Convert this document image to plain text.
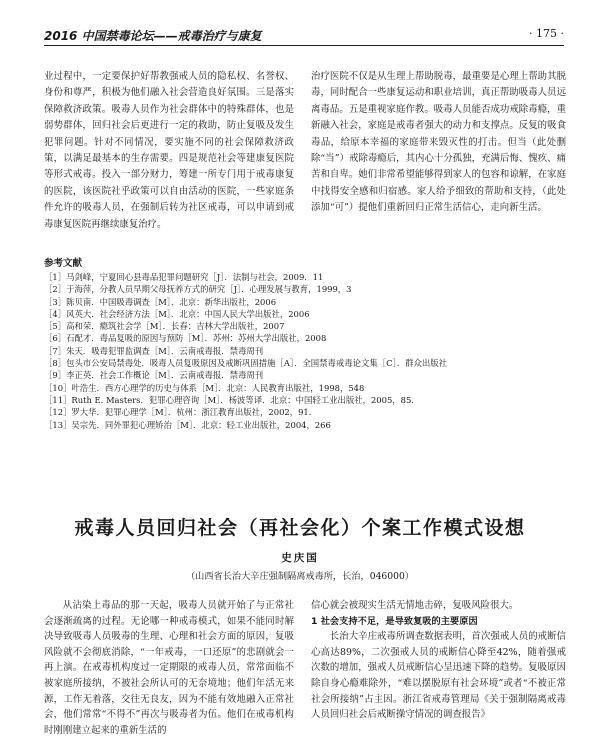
2016 中国禁毒论坛——戒毒治疗与康复	· 175 ·

业过程中，一定要保护好帮教强戒人员的隐私权、名誉权、身份和尊严，积极为他们融入社会营造良好氛围。三是落实保障救济政策。吸毒人员作为社会群体中的特殊群体，也是弱势群体，回归社会后更进行一定的救助，防止复吸及发生犯罪问题。针对不同情况，要实施不同的社会保障救济政策，以满足最基本的生存需要。四是规范社会等建康复医院等形式戒毒。投入一部分财力，筹建一所专门用于戒毒康复的医院，该医院社乎政策可以自由活动的医院，一些家庭条件允许的吸毒人员，在强制后转为社区戒毒，可以申请到戒毒康复医院再继续康复治疗。

治疗医院不仅是从生理上帮助脱毒，最重要是心理上帮助其脱毒，同时配合一些康复运动和职业培训，真正帮助吸毒人员远离毒品。五是重视家庭作教。吸毒人员能否成功戒除毒瘾，重新融入社会，家庭是戒毒者强大的动力和支撑点。反复的吸食毒品，给原本幸福的家庭带来毁灭性的打击。但当（此处删除“当”）戒除毒瘾后，其内心十分孤独，充满后悔、愧疚、痛苦和自卑。她们非常希望能够得到家人的包容和谅解，在家庭中找得安全感和归宿感。家人给予细致的帮助和支持，（此处添加“可”）提他们重新回归正常生活信心，走向新生活。

参考文献
［1］马剑峰，宁夏回心县毒品犯罪问题研究［J］．法制与社会，2009．11
［2］于海萍，分教人员早期父母抚养方式的研究［J］．心理发展与教育，1999，3
［3］陈贝南．中国吸毒调查［M］．北京：新华出版社，2006
［4］风英大．社会经济方法［M］．北京：中国人民大学出版社，2006
［5］高和荣．瘾筑社会学［M］．长春：吉林大学出版社，2007
［6］石配才．毒品复吸的原因与预防［M］．苏州：苏州大学出版社，2008
［7］朱天．吸毒犯罪监调查［M］．云南戒毒报．禁毒周刊
［8］包头市公安局禁毒处．吸毒人员复吸原因及戒断巩固措施［A］．全国禁毒戒毒论文集［C］．群众出版社
［9］李正英．社会工作概论［M］．云南戒毒报．禁毒周刊
［10］叶浩生．西方心理学的历史与体系［M］．北京：人民教育出版社，1998，548
［11］Ruth E. Masters．犯罪心理咨询［M］．杨波等译．北京：中国轻工业出版社，2005，85．
［12］罗大华．犯罪心理学［M］．杭州：浙江教育出版社，2002，91．
［13］吴宗先．同外罪犯心理矫治［M］．北京：轻工业出版社，2004，266
戒毒人员回归社会（再社会化）个案工作模式设想
史庆国
（山西省长治大辛庄强制隔离戒毒所，长治，046000）

从沾染上毒品的那一天起，吸毒人员就开始了与正常社会逐渐疏离的过程。无论哪一种戒毒模式，如果不能同时解决导致吸毒人员吸毒的生理、心理和社会方面的原因，复吸风险就不会彻底消除，“一年戒毒，一口还原”的悲剧就会一再上演。在戒毒机构度过一定期限的戒毒人员，常常面临不被家庭所接纳，不被社会所认可的无奈境地；他们年活无来源，工作无着落，交往无良友，因为不能有效地融入正常社会，他们常常“不得不”再次与吸毒者为伍。他们在戒毒机构时刚刚建立起来的重新生活的

信心就会被现实生活无情地击碎，复吸风险很大。

1 社会支持不足，是导致复吸的主要原因

长治大辛庄戒毒所调查数据表明，首次强戒人员的戒断信心高达89%，二次强戒人员的戒断信心降至42%，随着强戒次数的增加，强戒人员戒断信心呈迅速下降的趋势。复吸原因除自身心瘾难除外，“难以摆脱原有社会环境”或者“不被正常社会所接纳”占主因。浙江省戒毒管理局《关于强制隔离戒毒人员回归社会后戒断操守情况的调查报告》
